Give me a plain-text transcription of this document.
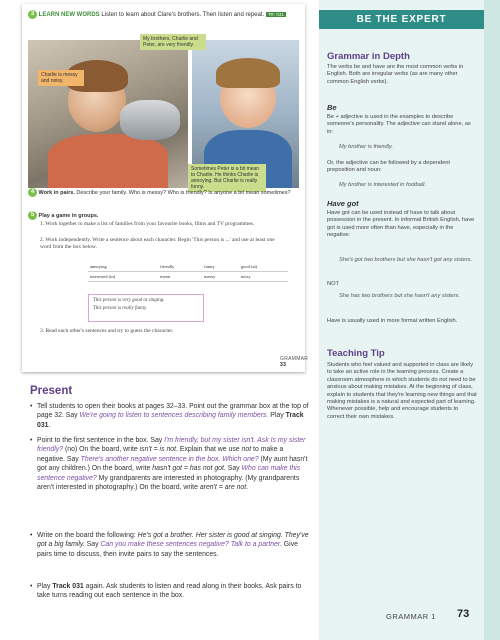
3 LEARN NEW WORDS Listen to learn about Clare's brothers. Then listen and repeat. TR: 031
My brothers, Charlie and Peter, are very friendly.
Charlie is messy and noisy.
Sometimes Peter is a bit mean to Charlie. He thinks Charlie is annoying. But Charlie is really funny.
4 Work in pairs. Describe your family. Who is messy? Who is friendly? Is anyone a bit mean sometimes?
5 Play a game in groups.
1. Work together to make a list of families from your favourite books, films and TV programmes.
2. Work independently. Write a sentence about each character. Begin 'This person is ...' and use at least one word from the box below.
annoying	friendly	funny	good (at)
interested (in)	mean	messy	noisy
This person is very good at singing.
This person is really funny.
3. Read each other's sentences and try to guess the character.
GRAMMAR 33
BE THE EXPERT
Grammar in Depth
The verbs be and have are the most common verbs in English. Both are irregular verbs (as are many other common English verbs).
Be
Be + adjective is used in the examples to describe someone's personality. The adjective can stand alone, as in:
My brother is friendly.
Or, the adjective can be followed by a dependent preposition and noun:
My brother is interested in football.
Have got
Have got can be used instead of have to talk about possession in the present. In informal British English, have got is used more often than have, especially in the negative:
She's got two brothers but she hasn't got any sisters.
NOT
She has two brothers but she hasn't any sisters.
Have is usually used in more formal written English.
Teaching Tip
Students who feel valued and supported in class are likely to take an active role in the learning process. Create a classroom atmosphere in which students do not need to be anxious about making mistakes. At the beginning of class, explain to students that they're learning new things and that making mistakes is a natural and expected part of learning. Whenever possible, help and encourage students to correct their own mistakes.
Present
• Tell students to open their books at pages 32–33. Point out the grammar box at the top of page 32. Say We're going to listen to sentences describing family members. Play Track 031.
• Point to the first sentence in the box. Say I'm friendly, but my sister isn't. Ask Is my sister friendly? (no) On the board, write isn't = is not. Explain that we use not to make a negative. Say There's another negative sentence in the box. Which one? (My aunt hasn't got any children.) On the board, write hasn't got = has not got. Say Who can make this sentence negative? My grandparents are interested in photography. (My grandparents aren't interested in photography.) On the board, write aren't = are not.
• Write on the board the following: He's got a brother. Her sister is good at singing. They've got a big family. Say Can you make these sentences negative? Talk to a partner. Give pairs time to discuss, then invite pairs to say the sentences.
• Play Track 031 again. Ask students to listen and read along in their books. Ask pairs to take turns reading out each sentence in the box.
GRAMMAR 1 73
